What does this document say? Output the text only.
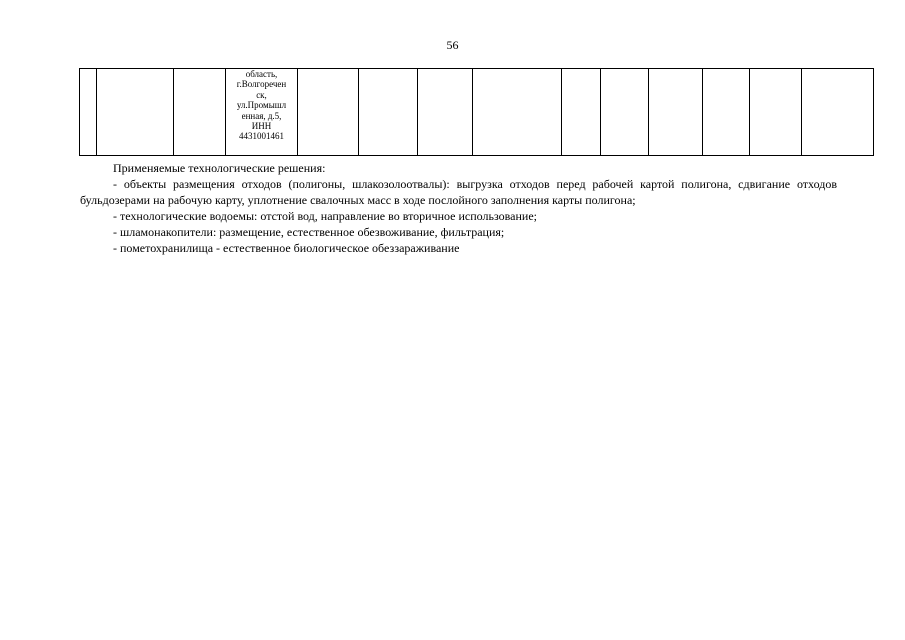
56

область,
г.Волгоречен
ск,
ул.Промышл
енная, д.5,
ИНН
4431001461

Применяемые технологические решения:

- объекты размещения отходов (полигоны, шлакозолоотвалы): выгрузка отходов перед рабочей картой полигона, сдвигание отходов бульдозерами на рабочую карту, уплотнение свалочных масс в ходе послойного заполнения карты полигона;

- технологические водоемы: отстой вод, направление во вторичное использование;

- шламонакопители: размещение, естественное обезвоживание, фильтрация;

- пометохранилища - естественное биологическое обеззараживание
